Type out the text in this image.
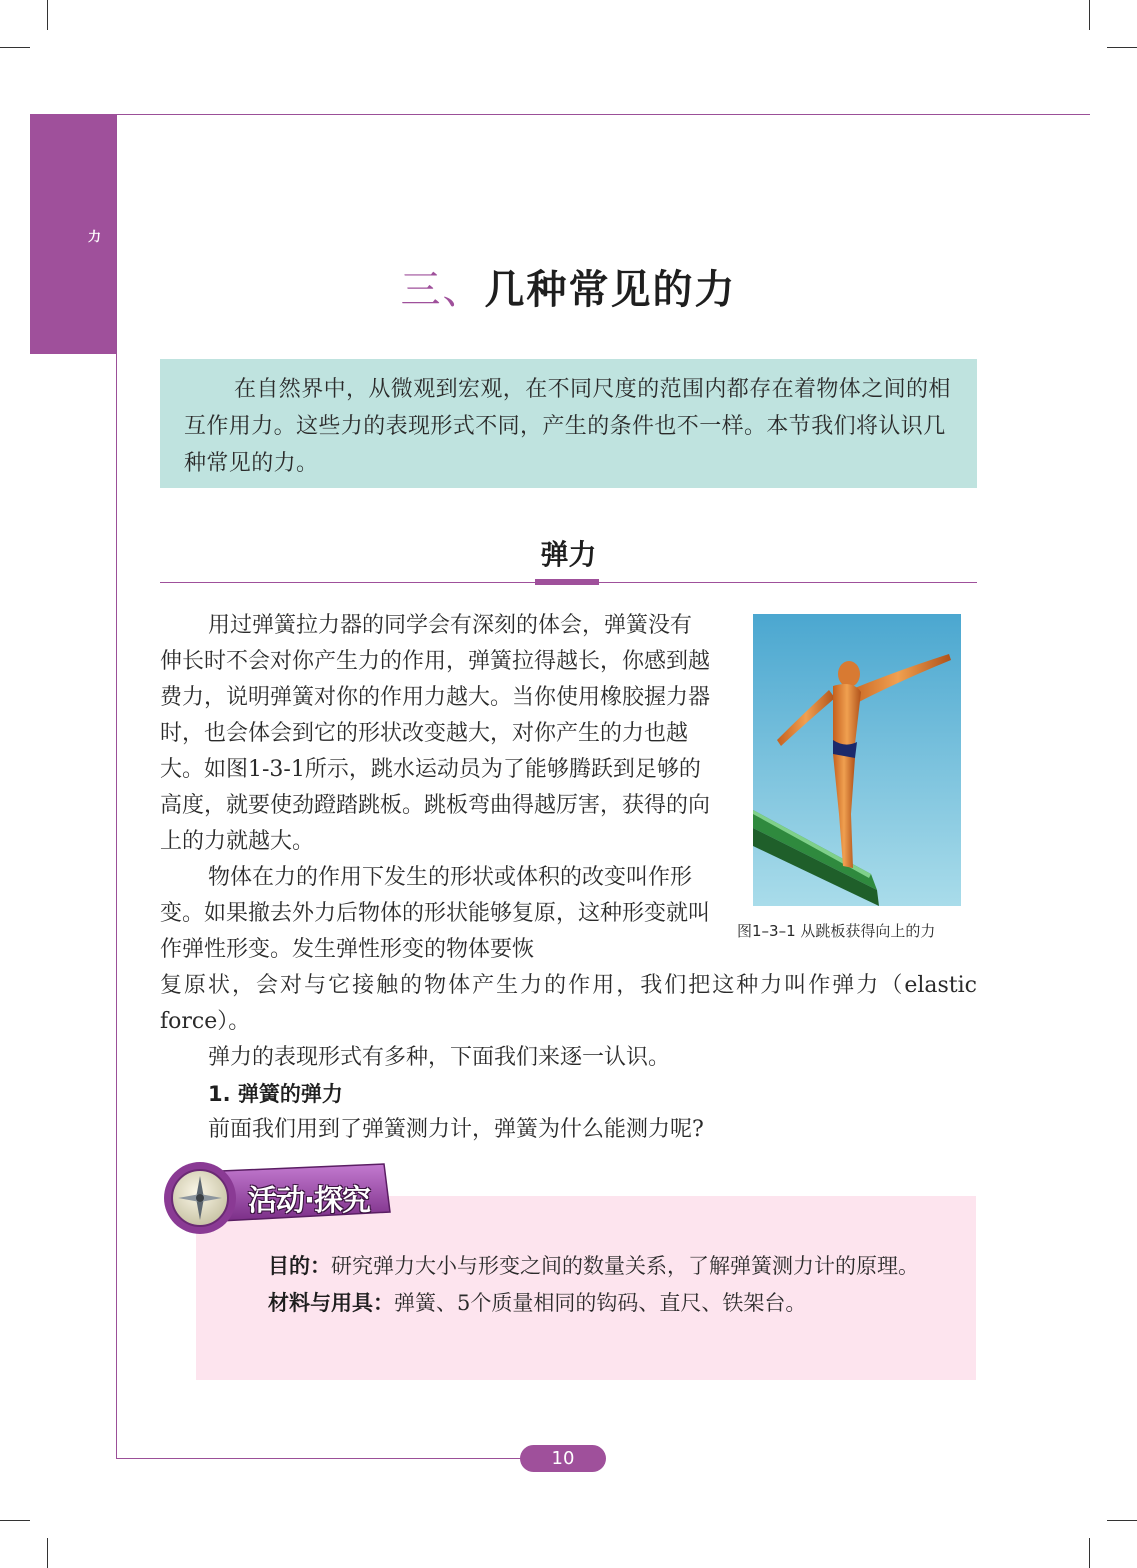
力
三、几种常见的力

在自然界中，从微观到宏观，在不同尺度的范围内都存在着物体之间的相互作用力。这些力的表现形式不同，产生的条件也不一样。本节我们将认识几种常见的力。

弹力

用过弹簧拉力器的同学会有深刻的体会，弹簧没有伸长时不会对你产生力的作用，弹簧拉得越长，你感到越费力，说明弹簧对你的作用力越大。当你使用橡胶握力器时，也会体会到它的形状改变越大，对你产生的力也越大。如图1-3-1所示，跳水运动员为了能够腾跃到足够的高度，就要使劲蹬踏跳板。跳板弯曲得越厉害，获得的向上的力就越大。

图1–3–1 从跳板获得向上的力

物体在力的作用下发生的形状或体积的改变叫作形变。如果撤去外力后物体的形状能够复原，这种形变就叫作弹性形变。发生弹性形变的物体要恢

复原状，会对与它接触的物体产生力的作用，我们把这种力叫作弹力（elastic

force）。

弹力的表现形式有多种，下面我们来逐一认识。

1. 弹簧的弹力

前面我们用到了弹簧测力计，弹簧为什么能测力呢?

目的：研究弹力大小与形变之间的数量关系，了解弹簧测力计的原理。

材料与用具：弹簧、5个质量相同的钩码、直尺、铁架台。

活动·探究
10
